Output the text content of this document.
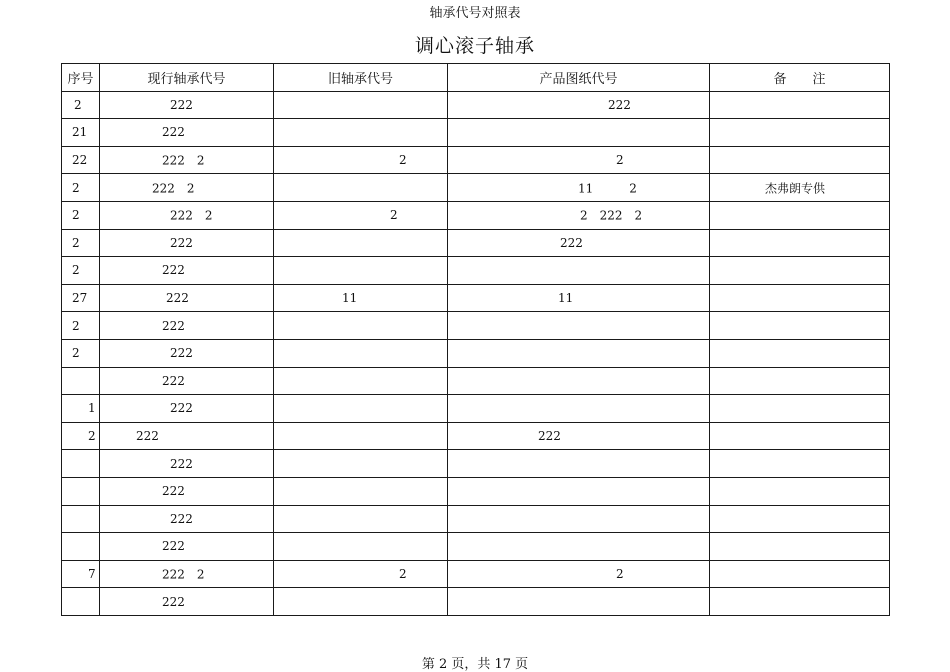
轴承代号对照表
调心滚子轴承
序号	现行轴承代号	旧轴承代号	产品图纸代号	备　　注

2	222		222	

21	222			

22	222　2	2	2	

2	222　2		11　　　2	杰弗朗专供

2	222　2	2	2　222　2	

2	222		222	

2	222			

27	222	11	11	

2	222			

2	222			

	222			

1	222			

2	222		222	

	222			

	222			

	222			

	222			

7	222　2	2	2	

	222			

第 2 页，共 17 页
